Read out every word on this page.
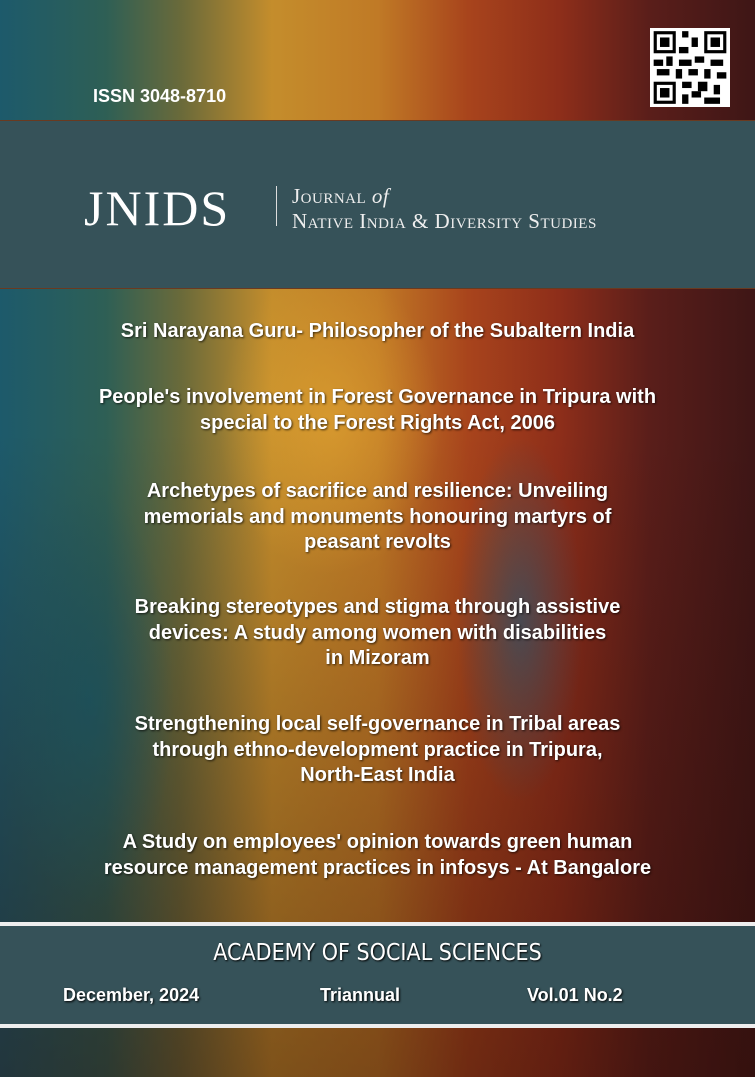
ISSN 3048-8710
JNIDS	Journal of
Native India & Diversity Studies
Sri Narayana Guru- Philosopher of the Subaltern India
People's involvement in Forest Governance in Tripura with
special to the Forest Rights Act, 2006
Archetypes of sacrifice and resilience: Unveiling
memorials and monuments honouring martyrs of
peasant revolts
Breaking stereotypes and stigma through assistive
devices: A study among women with disabilities
in Mizoram
Strengthening local self-governance in Tribal areas
through ethno-development practice in Tripura,
North-East India
A Study on employees' opinion towards green human
resource management practices in infosys - At Bangalore
ACADEMY OF SOCIAL SCIENCES
December, 2024	Triannual	Vol.01 No.2
